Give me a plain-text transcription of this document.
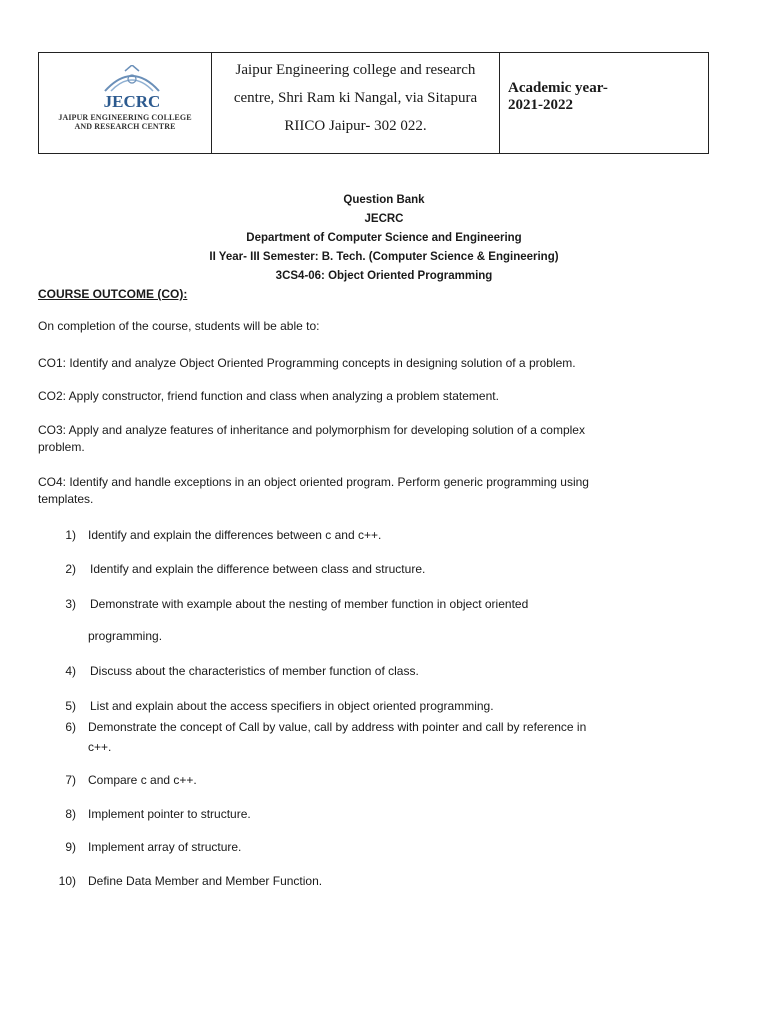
JECRC
JAIPUR ENGINEERING COLLEGE
AND RESEARCH CENTRE
Jaipur Engineering college and research
centre, Shri Ram ki Nangal, via Sitapura
RIICO Jaipur- 302 022.
Academic year-
2021-2022
Question Bank
JECRC
Department of Computer Science and Engineering
II Year- III Semester: B. Tech. (Computer Science & Engineering)
3CS4-06: Object Oriented Programming
COURSE OUTCOME (CO):
On completion of the course, students will be able to:
CO1: Identify and analyze Object Oriented Programming concepts in designing solution of a problem.
CO2: Apply constructor, friend function and class when analyzing a problem statement.
CO3: Apply and analyze features of inheritance and polymorphism for developing solution of a complex
problem.
CO4: Identify and handle exceptions in an object oriented program. Perform generic programming using
templates.
1) Identify and explain the differences between c and c++.
2) Identify and explain the difference between class and structure.
3) Demonstrate with example about the nesting of member function in object oriented
programming.
4) Discuss about the characteristics of member function of class.
5) List and explain about the access specifiers in object oriented programming.
6) Demonstrate the concept of Call by value, call by address with pointer and call by reference in
c++.
7) Compare c and c++.
8) Implement pointer to structure.
9) Implement array of structure.
10) Define Data Member and Member Function.
